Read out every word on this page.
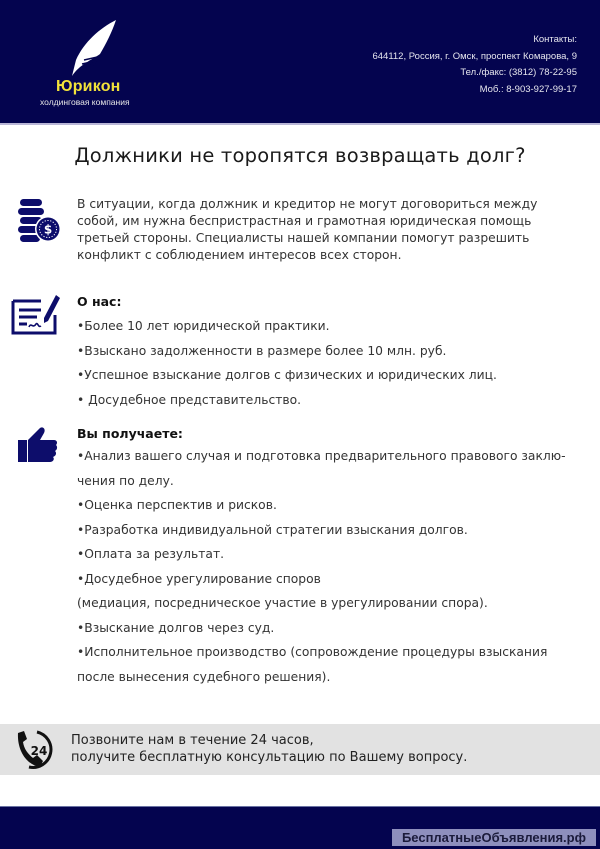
Юрикон
холдинговая компания
Контакты:
644112, Россия, г. Омск, проспект Комарова, 9
Тел./факс: (3812) 78-22-95
Моб.: 8-903-927-99-17
Должники не торопятся возвращать долг?
$
В ситуации, когда должник и кредитор не могут договориться между
собой, им нужна беспристрастная и грамотная юридическая помощь
третьей стороны. Специалисты нашей компании помогут разрешить
конфликт с соблюдением интересов всех сторон.
О нас:
•Более 10 лет юридической практики.
•Взыскано задолженности в размере более 10 млн. руб.
•Успешное взыскание долгов с физических и юридических лиц.
• Досудебное представительство.
Вы получаете:
•Анализ вашего случая и подготовка предварительного правового заклю-
чения по делу.
•Оценка перспектив и рисков.
•Разработка индивидуальной стратегии взыскания долгов.
•Оплата за результат.
•Досудебное урегулирование споров
(медиация, посредническое участие в урегулировании спора).
•Взыскание долгов через суд.
•Исполнительное производство (сопровождение процедуры взыскания
после вынесения судебного решения).
24
Позвоните нам в течение 24 часов,
получите бесплатную консультацию по Вашему вопросу.
БесплатныеОбъявления.рф
